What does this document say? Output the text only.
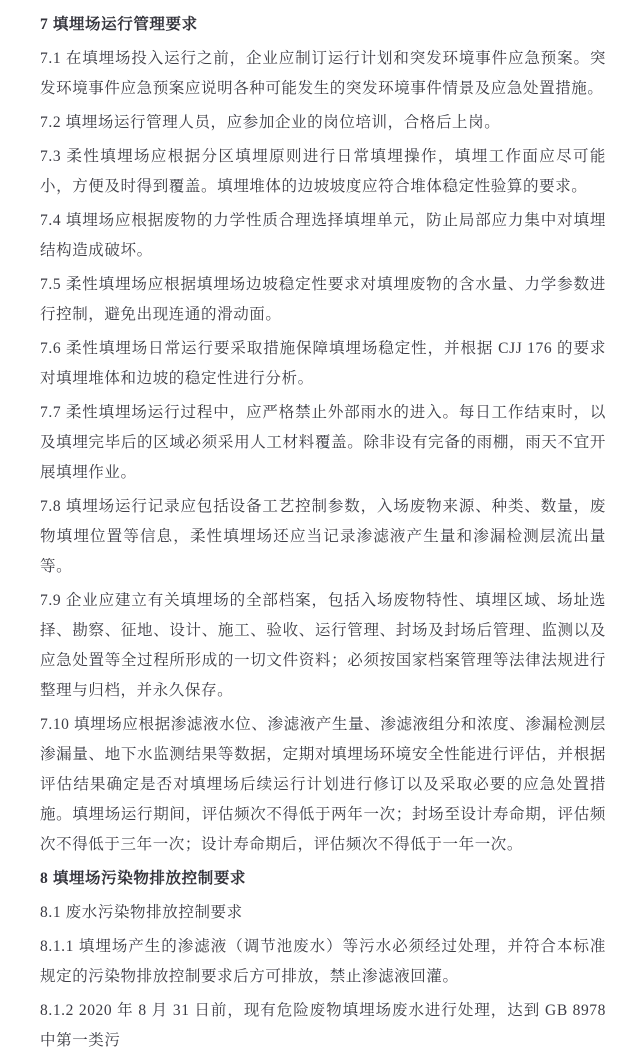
7 填埋场运行管理要求

7.1 在填埋场投入运行之前，企业应制订运行计划和突发环境事件应急预案。突发环境事件应急预案应说明各种可能发生的突发环境事件情景及应急处置措施。

7.2 填埋场运行管理人员，应参加企业的岗位培训，合格后上岗。

7.3 柔性填埋场应根据分区填埋原则进行日常填埋操作，填埋工作面应尽可能小，方便及时得到覆盖。填埋堆体的边坡坡度应符合堆体稳定性验算的要求。

7.4 填埋场应根据废物的力学性质合理选择填埋单元，防止局部应力集中对填埋结构造成破坏。

7.5 柔性填埋场应根据填埋场边坡稳定性要求对填埋废物的含水量、力学参数进行控制，避免出现连通的滑动面。

7.6 柔性填埋场日常运行要采取措施保障填埋场稳定性，并根据 CJJ 176 的要求对填埋堆体和边坡的稳定性进行分析。

7.7 柔性填埋场运行过程中，应严格禁止外部雨水的进入。每日工作结束时，以及填埋完毕后的区域必须采用人工材料覆盖。除非设有完备的雨棚，雨天不宜开展填埋作业。

7.8 填埋场运行记录应包括设备工艺控制参数，入场废物来源、种类、数量，废物填埋位置等信息，柔性填埋场还应当记录渗滤液产生量和渗漏检测层流出量等。

7.9 企业应建立有关填埋场的全部档案，包括入场废物特性、填埋区域、场址选择、勘察、征地、设计、施工、验收、运行管理、封场及封场后管理、监测以及应急处置等全过程所形成的一切文件资料；必须按国家档案管理等法律法规进行整理与归档，并永久保存。

7.10 填埋场应根据渗滤液水位、渗滤液产生量、渗滤液组分和浓度、渗漏检测层渗漏量、地下水监测结果等数据，定期对填埋场环境安全性能进行评估，并根据评估结果确定是否对填埋场后续运行计划进行修订以及采取必要的应急处置措施。填埋场运行期间，评估频次不得低于两年一次；封场至设计寿命期，评估频次不得低于三年一次；设计寿命期后，评估频次不得低于一年一次。

8 填埋场污染物排放控制要求

8.1 废水污染物排放控制要求

8.1.1 填埋场产生的渗滤液（调节池废水）等污水必须经过处理，并符合本标准规定的污染物排放控制要求后方可排放，禁止渗滤液回灌。

8.1.2 2020 年 8 月 31 日前，现有危险废物填埋场废水进行处理，达到 GB 8978 中第一类污
